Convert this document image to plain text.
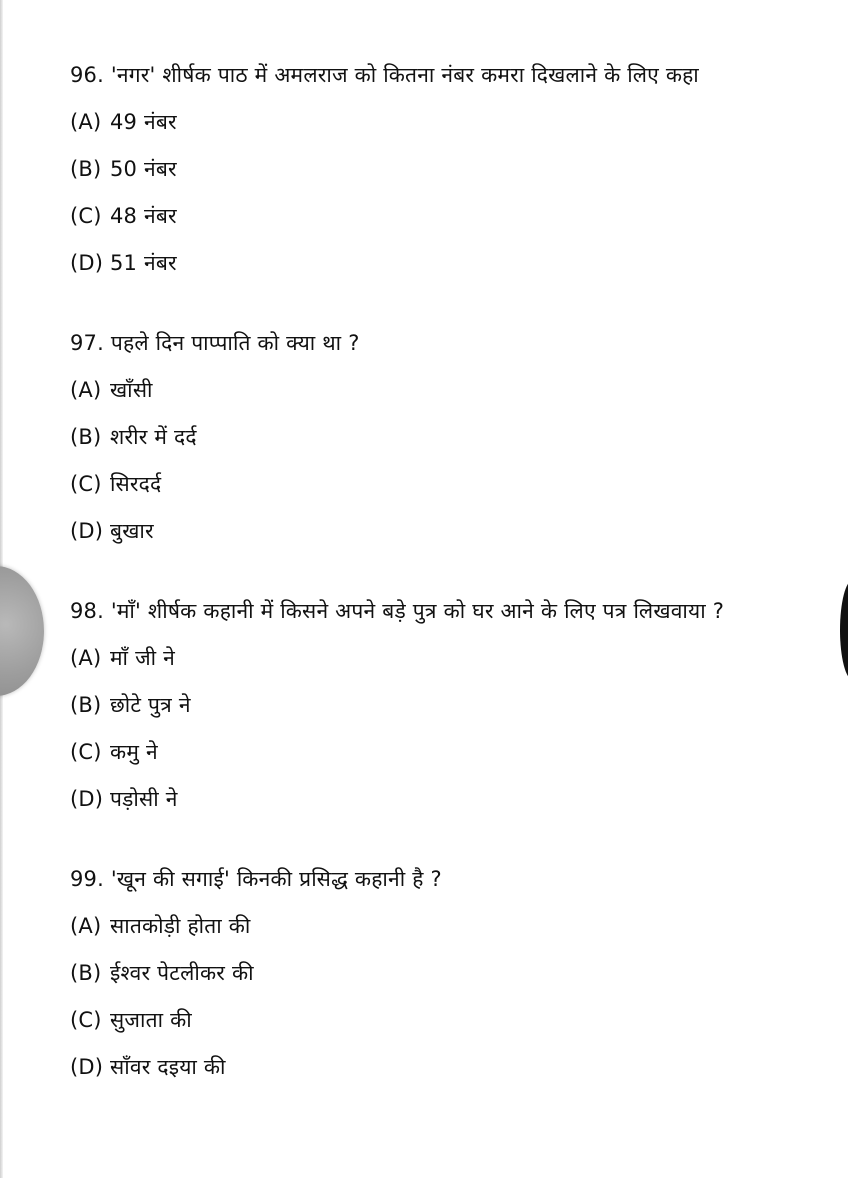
96. 'नगर' शीर्षक पाठ में अमलराज को कितना नंबर कमरा दिखलाने के लिए कहा
(A) 49 नंबर
(B) 50 नंबर
(C) 48 नंबर
(D) 51 नंबर
97. पहले दिन पाप्पाति को क्या था ?
(A) खाँसी
(B) शरीर में दर्द
(C) सिरदर्द
(D) बुखार
98. 'माँ' शीर्षक कहानी में किसने अपने बड़े पुत्र को घर आने के लिए पत्र लिखवाया ?
(A) माँ जी ने
(B) छोटे पुत्र ने
(C) कमु ने
(D) पड़ोसी ने
99. 'खून की सगाई' किनकी प्रसिद्ध कहानी है ?
(A) सातकोड़ी होता की
(B) ईश्वर पेटलीकर की
(C) सुजाता की
(D) साँवर दइया की
